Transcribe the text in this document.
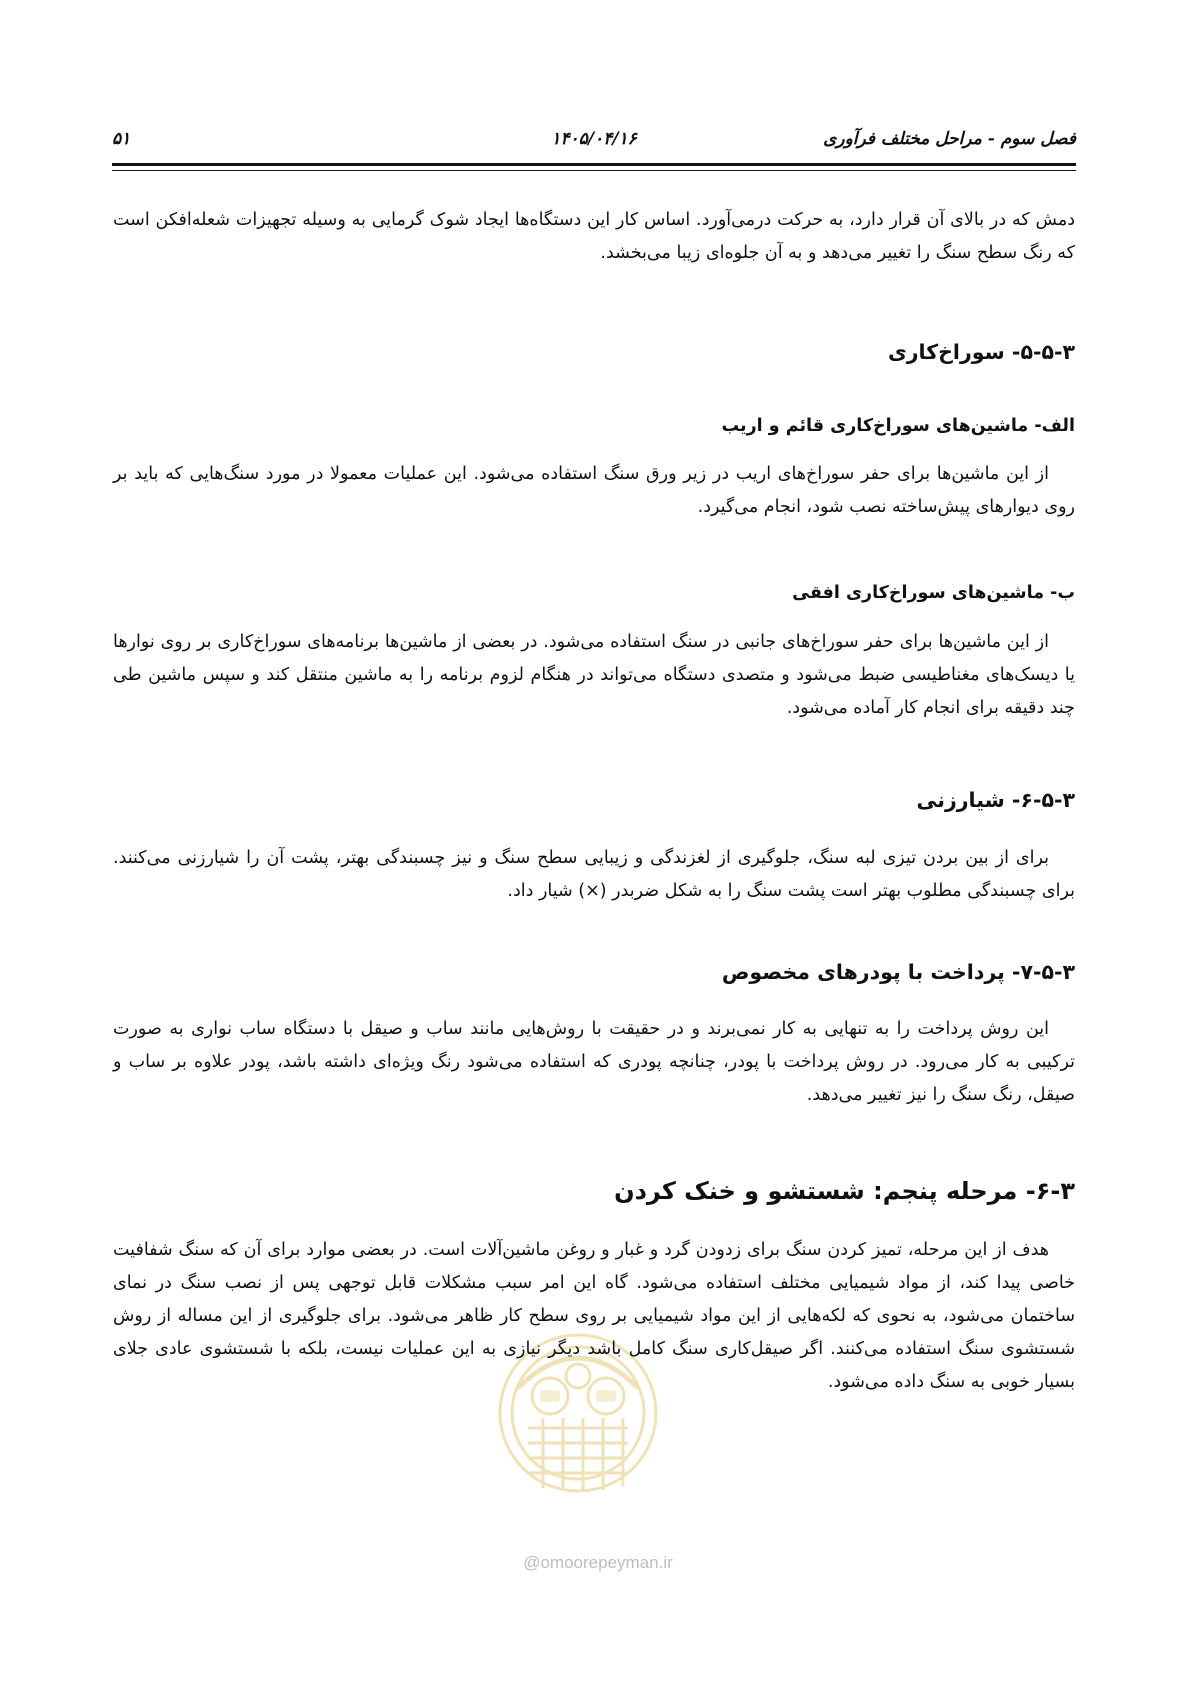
فصل سوم - مراحل مختلف فرآوری
۱۴۰۵/۰۴/۱۶
۵۱
@omoorepeyman.ir

دمش که در بالای آن قرار دارد، به حرکت درمی‌آورد. اساس کار این دستگاه‌ها ایجاد شوک گرمایی به وسیله تجهیزات شعله‌افکن است که رنگ سطح سنگ را تغییر می‌دهد و به آن جلوه‌ای زیبا می‌بخشد.

۵-۵-۳- سوراخ‌کاری
الف- ماشین‌های سوراخ‌کاری قائم و اریب

از این ماشین‌ها برای حفر سوراخ‌های اریب در زیر ورق سنگ استفاده می‌شود. این عملیات معمولا در مورد سنگ‌هایی که باید بر روی دیوارهای پیش‌ساخته نصب شود، انجام می‌گیرد.

ب- ماشین‌های سوراخ‌کاری افقی

از این ماشین‌ها برای حفر سوراخ‌های جانبی در سنگ استفاده می‌شود. در بعضی از ماشین‌ها برنامه‌های سوراخ‌کاری بر روی نوارها یا دیسک‌های مغناطیسی ضبط می‌شود و متصدی دستگاه می‌تواند در هنگام لزوم برنامه را به ماشین منتقل کند و سپس ماشین طی چند دقیقه برای انجام کار آماده می‌شود.

۶-۵-۳- شیارزنی

برای از بین بردن تیزی لبه سنگ، جلوگیری از لغزندگی و زیبایی سطح سنگ و نیز چسبندگی بهتر، پشت آن را شیارزنی می‌کنند. برای چسبندگی مطلوب بهتر است پشت سنگ را به شکل ضربدر (×) شیار داد.

۷-۵-۳- پرداخت با پودرهای مخصوص

این روش پرداخت را به تنهایی به کار نمی‌برند و در حقیقت با روش‌هایی مانند ساب و صیقل با دستگاه ساب نواری به صورت ترکیبی به کار می‌رود. در روش پرداخت با پودر، چنانچه پودری که استفاده می‌شود رنگ ویژه‌ای داشته باشد، پودر علاوه بر ساب و صیقل، رنگ سنگ را نیز تغییر می‌دهد.

۶-۳- مرحله پنجم: شستشو و خنک کردن

هدف از این مرحله، تمیز کردن سنگ برای زدودن گرد و غبار و روغن ماشین‌آلات است. در بعضی موارد برای آن که سنگ شفافیت خاصی پیدا کند، از مواد شیمیایی مختلف استفاده می‌شود. گاه این امر سبب مشکلات قابل توجهی پس از نصب سنگ در نمای ساختمان می‌شود، به نحوی که لکه‌هایی از این مواد شیمیایی بر روی سطح کار ظاهر می‌شود. برای جلوگیری از این مساله از روش شستشوی سنگ استفاده می‌کنند. اگر صیقل‌کاری سنگ کامل باشد دیگر نیازی به این عملیات نیست، بلکه با شستشوی عادی جلای بسیار خوبی به سنگ داده می‌شود.
